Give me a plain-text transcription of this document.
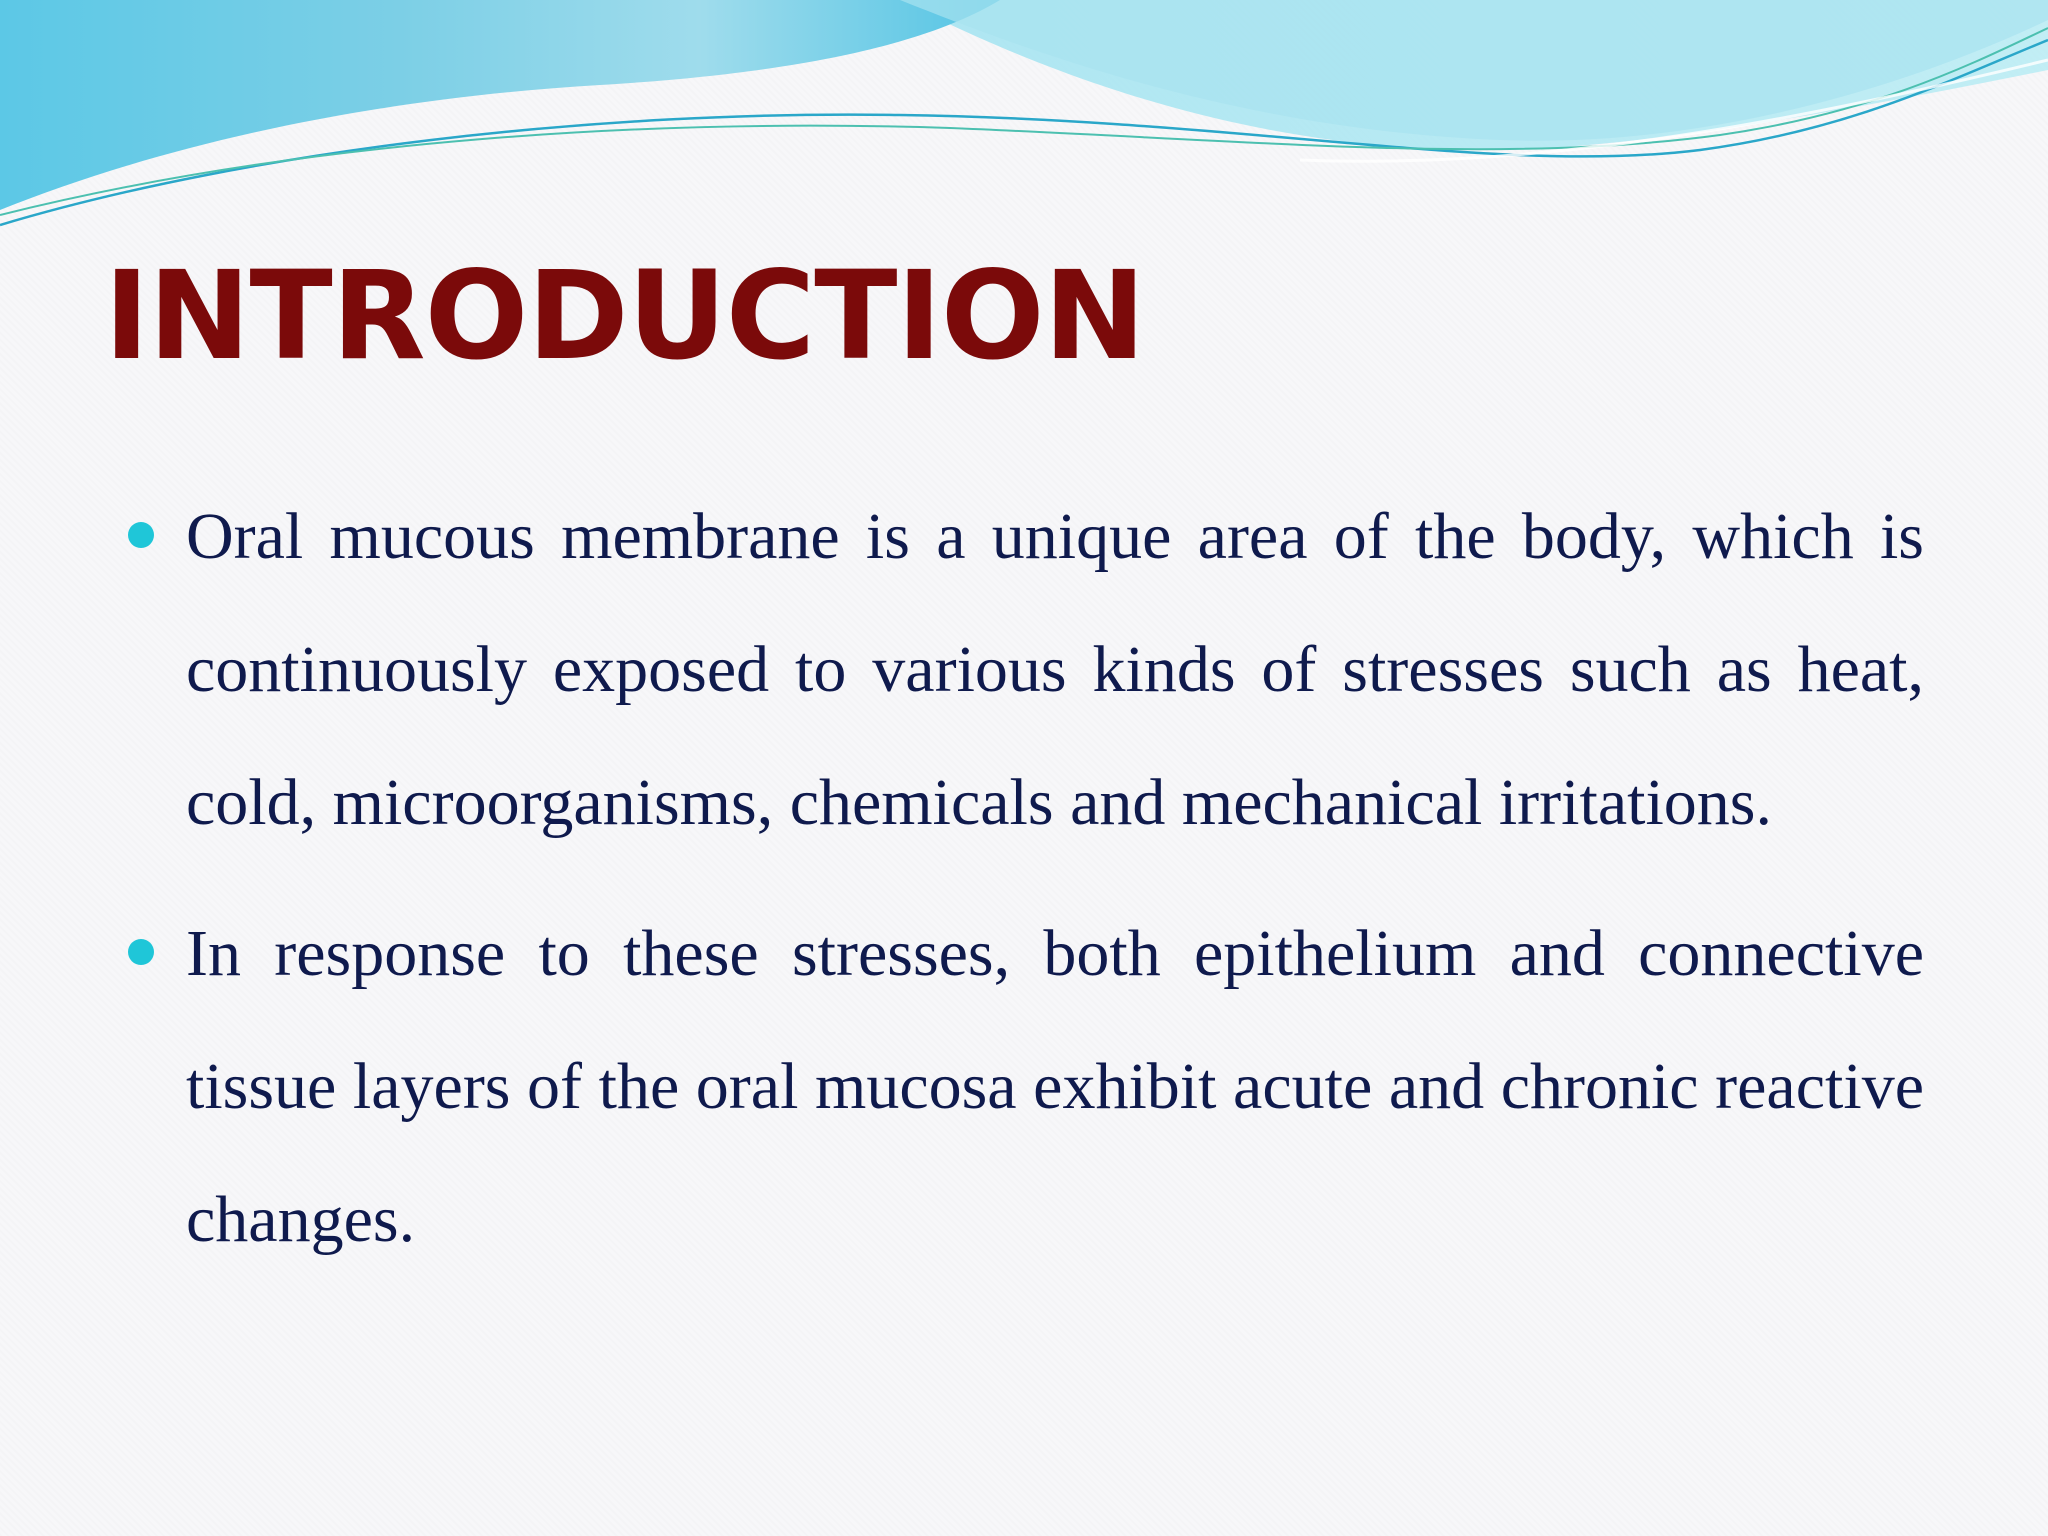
INTRODUCTION
Oral mucous membrane is a unique area of the body, which is continuously exposed to various kinds of stresses such as heat, cold, microorganisms, chemicals and mechanical irritations.
In response to these stresses, both epithelium and connective tissue layers of the oral mucosa exhibit acute and chronic reactive changes.
